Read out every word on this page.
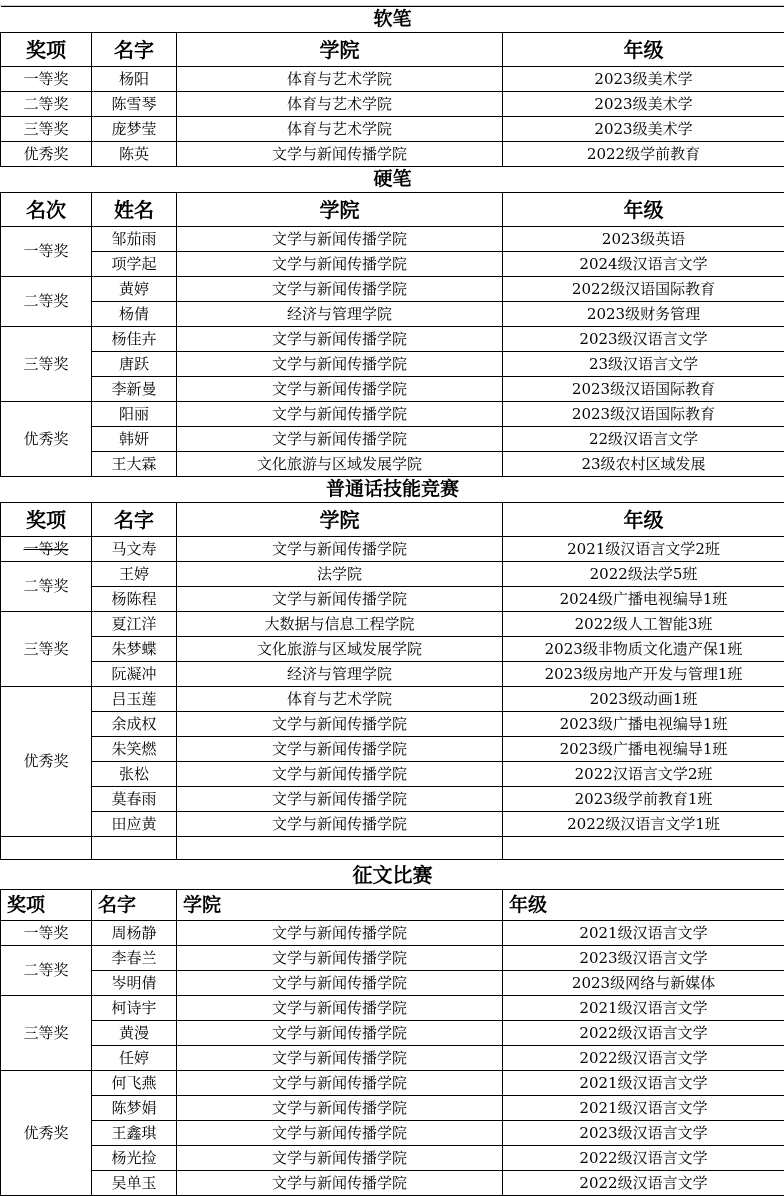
软笔			
奖项	名字	学院	年级
一等奖	杨阳	体育与艺术学院	2023级美术学
二等奖	陈雪琴	体育与艺术学院	2023级美术学
三等奖	庞梦莹	体育与艺术学院	2023级美术学
优秀奖	陈英	文学与新闻传播学院	2022级学前教育
硬笔			
名次	姓名	学院	年级
一等奖	邹茄雨	文学与新闻传播学院	2023级英语
	项学起	文学与新闻传播学院	2024级汉语言文学
二等奖	黄婷	文学与新闻传播学院	2022级汉语国际教育
	杨倩	经济与管理学院	2023级财务管理
三等奖	杨佳卉	文学与新闻传播学院	2023级汉语言文学
	唐跃	文学与新闻传播学院	23级汉语言文学
	李新曼	文学与新闻传播学院	2023级汉语国际教育
优秀奖	阳丽	文学与新闻传播学院	2023级汉语国际教育
	韩妍	文学与新闻传播学院	22级汉语言文学
	王大霖	文化旅游与区域发展学院	23级农村区域发展
普通话技能竞赛			
奖项	名字	学院	年级
一等奖	马文寿	文学与新闻传播学院	2021级汉语言文学2班
二等奖	王婷	法学院	2022级法学5班
	杨陈程	文学与新闻传播学院	2024级广播电视编导1班
三等奖	夏江洋	大数据与信息工程学院	2022级人工智能3班
	朱梦蝶	文化旅游与区域发展学院	2023级非物质文化遗产保1班
	阮凝冲	经济与管理学院	2023级房地产开发与管理1班
优秀奖	吕玉莲	体育与艺术学院	2023级动画1班
	余成权	文学与新闻传播学院	2023级广播电视编导1班
	朱笑燃	文学与新闻传播学院	2023级广播电视编导1班
	张松	文学与新闻传播学院	2022汉语言文学2班
	莫春雨	文学与新闻传播学院	2023级学前教育1班
	田应黄	文学与新闻传播学院	2022级汉语言文学1班

征文比赛			
奖项	名字	学院	年级
一等奖	周杨静	文学与新闻传播学院	2021级汉语言文学
二等奖	李春兰	文学与新闻传播学院	2023级汉语言文学
	岑明倩	文学与新闻传播学院	2023级网络与新媒体
三等奖	柯诗宇	文学与新闻传播学院	2021级汉语言文学
	黄漫	文学与新闻传播学院	2022级汉语言文学
	任婷	文学与新闻传播学院	2022级汉语言文学
优秀奖	何飞燕	文学与新闻传播学院	2021级汉语言文学
	陈梦娟	文学与新闻传播学院	2021级汉语言文学
	王鑫琪	文学与新闻传播学院	2023级汉语言文学
	杨光捡	文学与新闻传播学院	2022级汉语言文学
	吴单玉	文学与新闻传播学院	2022级汉语言文学
